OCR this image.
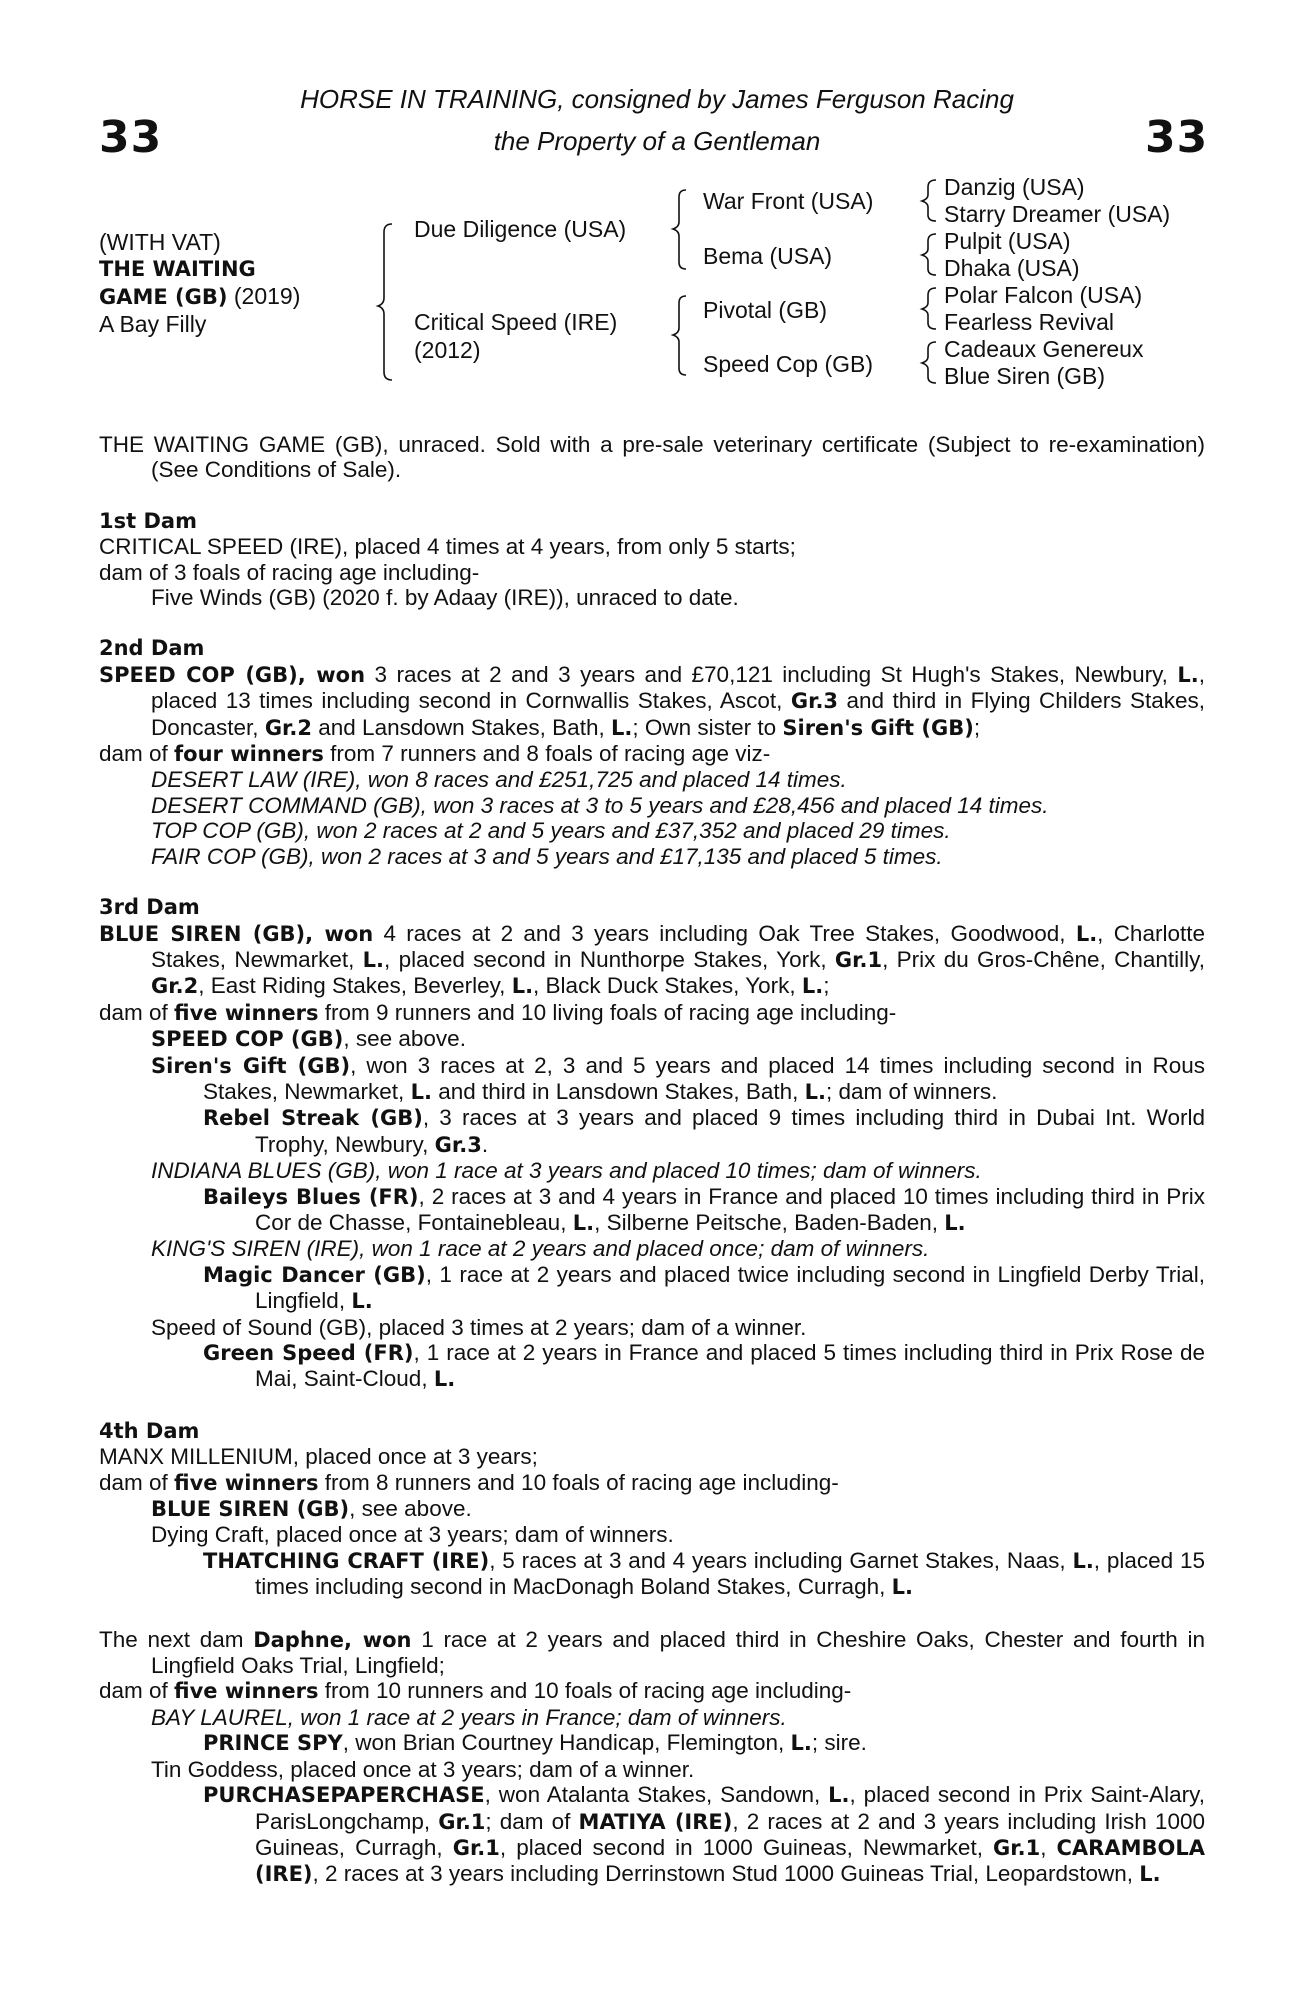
33	33
HORSE IN TRAINING, consigned by James Ferguson Racing
the Property of a Gentleman
(WITH VAT)
THE WAITING
GAME (GB) (2019)
A Bay Filly
Due Diligence (USA)
Critical Speed (IRE)
(2012)
War Front (USA)
Bema (USA)
Pivotal (GB)
Speed Cop (GB)
Danzig (USA)
Starry Dreamer (USA)
Pulpit (USA)
Dhaka (USA)
Polar Falcon (USA)
Fearless Revival
Cadeaux Genereux
Blue Siren (GB)

THE WAITING GAME (GB), unraced. Sold with a pre-sale veterinary certificate (Subject to re-examination) (See Conditions of Sale).

1st Dam

CRITICAL SPEED (IRE), placed 4 times at 4 years, from only 5 starts;

dam of 3 foals of racing age including-

Five Winds (GB) (2020 f. by Adaay (IRE)), unraced to date.

2nd Dam

SPEED COP (GB), won 3 races at 2 and 3 years and £70,121 including St Hugh's Stakes, Newbury, L., placed 13 times including second in Cornwallis Stakes, Ascot, Gr.3 and third in Flying Childers Stakes, Doncaster, Gr.2 and Lansdown Stakes, Bath, L.; Own sister to Siren's Gift (GB);

dam of four winners from 7 runners and 8 foals of racing age viz-

DESERT LAW (IRE), won 8 races and £251,725 and placed 14 times.

DESERT COMMAND (GB), won 3 races at 3 to 5 years and £28,456 and placed 14 times.

TOP COP (GB), won 2 races at 2 and 5 years and £37,352 and placed 29 times.

FAIR COP (GB), won 2 races at 3 and 5 years and £17,135 and placed 5 times.

3rd Dam

BLUE SIREN (GB), won 4 races at 2 and 3 years including Oak Tree Stakes, Goodwood, L., Charlotte Stakes, Newmarket, L., placed second in Nunthorpe Stakes, York, Gr.1, Prix du Gros-Chêne, Chantilly, Gr.2, East Riding Stakes, Beverley, L., Black Duck Stakes, York, L.;

dam of five winners from 9 runners and 10 living foals of racing age including-

SPEED COP (GB), see above.

Siren's Gift (GB), won 3 races at 2, 3 and 5 years and placed 14 times including second in Rous Stakes, Newmarket, L. and third in Lansdown Stakes, Bath, L.; dam of winners.

Rebel Streak (GB), 3 races at 3 years and placed 9 times including third in Dubai Int. World Trophy, Newbury, Gr.3.

INDIANA BLUES (GB), won 1 race at 3 years and placed 10 times; dam of winners.

Baileys Blues (FR), 2 races at 3 and 4 years in France and placed 10 times including third in Prix Cor de Chasse, Fontainebleau, L., Silberne Peitsche, Baden-Baden, L.

KING'S SIREN (IRE), won 1 race at 2 years and placed once; dam of winners.

Magic Dancer (GB), 1 race at 2 years and placed twice including second in Lingfield Derby Trial, Lingfield, L.

Speed of Sound (GB), placed 3 times at 2 years; dam of a winner.

Green Speed (FR), 1 race at 2 years in France and placed 5 times including third in Prix Rose de Mai, Saint-Cloud, L.

4th Dam

MANX MILLENIUM, placed once at 3 years;

dam of five winners from 8 runners and 10 foals of racing age including-

BLUE SIREN (GB), see above.

Dying Craft, placed once at 3 years; dam of winners.

THATCHING CRAFT (IRE), 5 races at 3 and 4 years including Garnet Stakes, Naas, L., placed 15 times including second in MacDonagh Boland Stakes, Curragh, L.

The next dam Daphne, won 1 race at 2 years and placed third in Cheshire Oaks, Chester and fourth in Lingfield Oaks Trial, Lingfield;

dam of five winners from 10 runners and 10 foals of racing age including-

BAY LAUREL, won 1 race at 2 years in France; dam of winners.

PRINCE SPY, won Brian Courtney Handicap, Flemington, L.; sire.

Tin Goddess, placed once at 3 years; dam of a winner.

PURCHASEPAPERCHASE, won Atalanta Stakes, Sandown, L., placed second in Prix Saint-Alary, ParisLongchamp, Gr.1; dam of MATIYA (IRE), 2 races at 2 and 3 years including Irish 1000 Guineas, Curragh, Gr.1, placed second in 1000 Guineas, Newmarket, Gr.1, CARAMBOLA (IRE), 2 races at 3 years including Derrinstown Stud 1000 Guineas Trial, Leopardstown, L.
